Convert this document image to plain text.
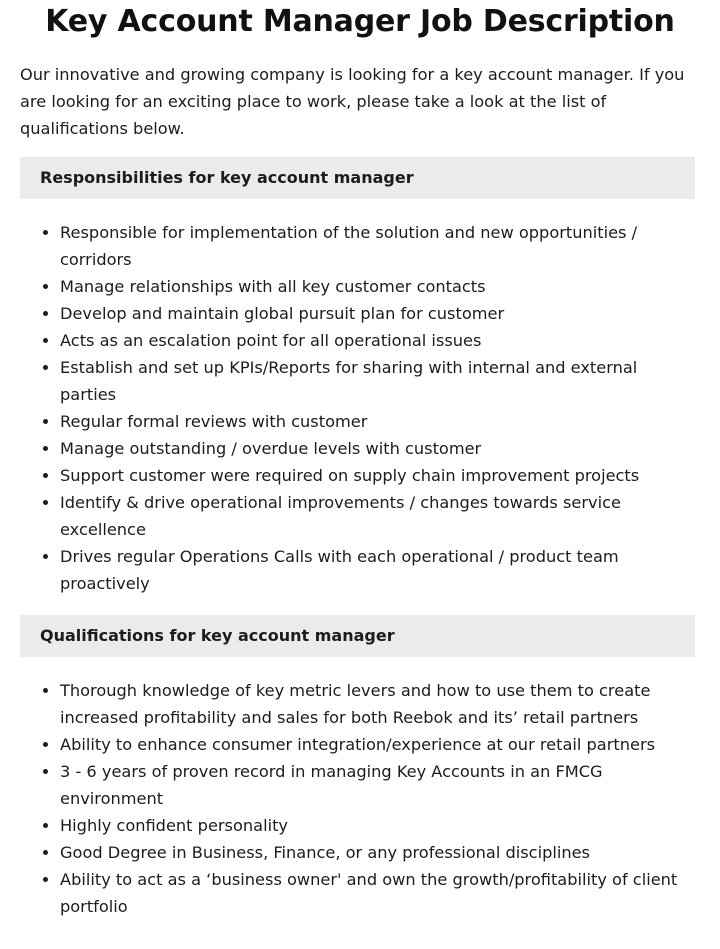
Key Account Manager Job Description

Our innovative and growing company is looking for a key account manager. If you are looking for an exciting place to work, please take a look at the list of qualifications below.

Responsibilities for key account manager
Responsible for implementation of the solution and new opportunities / corridors
Manage relationships with all key customer contacts
Develop and maintain global pursuit plan for customer
Acts as an escalation point for all operational issues
Establish and set up KPIs/Reports for sharing with internal and external parties
Regular formal reviews with customer
Manage outstanding / overdue levels with customer
Support customer were required on supply chain improvement projects
Identify & drive operational improvements / changes towards service excellence
Drives regular Operations Calls with each operational / product team proactively
Qualifications for key account manager
Thorough knowledge of key metric levers and how to use them to create increased profitability and sales for both Reebok and its’ retail partners
Ability to enhance consumer integration/experience at our retail partners
3 - 6 years of proven record in managing Key Accounts in an FMCG environment
Highly confident personality
Good Degree in Business, Finance, or any professional disciplines
Ability to act as a ‘business owner' and own the growth/profitability of client portfolio
